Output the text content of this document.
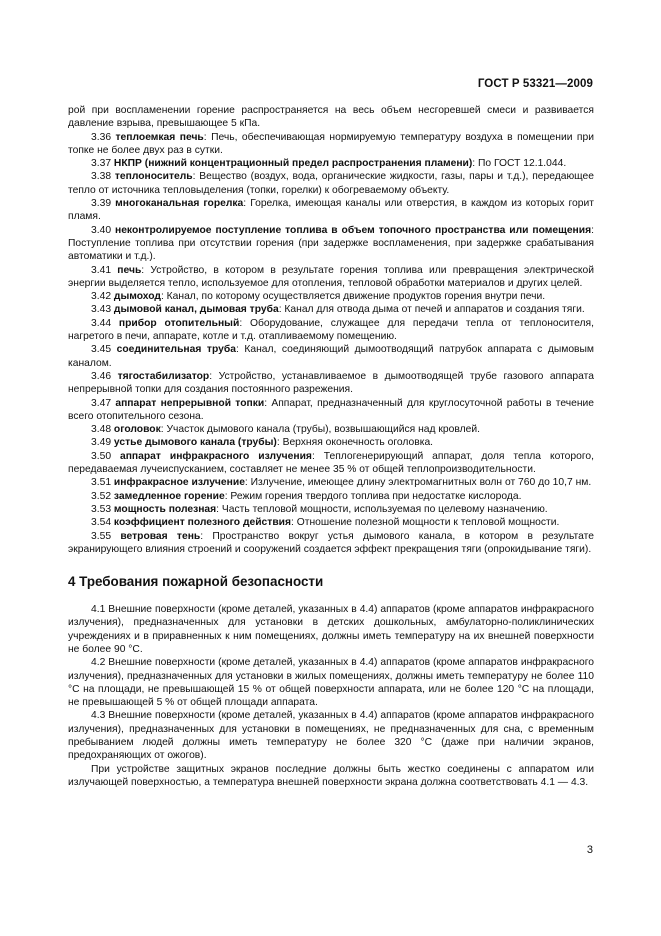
ГОСТ Р 53321—2009

рой при воспламенении горение распространяется на весь объем несгоревшей смеси и развивается давление взрыва, превышающее 5 кПа.

3.36 теплоемкая печь: Печь, обеспечивающая нормируемую температуру воздуха в помещении при топке не более двух раз в сутки.

3.37 НКПР (нижний концентрационный предел распространения пламени): По ГОСТ 12.1.044.

3.38 теплоноситель: Вещество (воздух, вода, органические жидкости, газы, пары и т.д.), передающее тепло от источника тепловыделения (топки, горелки) к обогреваемому объекту.

3.39 многоканальная горелка: Горелка, имеющая каналы или отверстия, в каждом из которых горит пламя.

3.40 неконтролируемое поступление топлива в объем топочного пространства или помещения: Поступление топлива при отсутствии горения (при задержке воспламенения, при задержке срабатывания автоматики и т.д.).

3.41 печь: Устройство, в котором в результате горения топлива или превращения электрической энергии выделяется тепло, используемое для отопления, тепловой обработки материалов и других целей.

3.42 дымоход: Канал, по которому осуществляется движение продуктов горения внутри печи.

3.43 дымовой канал, дымовая труба: Канал для отвода дыма от печей и аппаратов и создания тяги.

3.44 прибор отопительный: Оборудование, служащее для передачи тепла от теплоносителя, нагретого в печи, аппарате, котле и т.д. отапливаемому помещению.

3.45 соединительная труба: Канал, соединяющий дымоотводящий патрубок аппарата с дымовым каналом.

3.46 тягостабилизатор: Устройство, устанавливаемое в дымоотводящей трубе газового аппарата непрерывной топки для создания постоянного разрежения.

3.47 аппарат непрерывной топки: Аппарат, предназначенный для круглосуточной работы в течение всего отопительного сезона.

3.48 оголовок: Участок дымового канала (трубы), возвышающийся над кровлей.

3.49 устье дымового канала (трубы): Верхняя оконечность оголовка.

3.50 аппарат инфракрасного излучения: Теплогенерирующий аппарат, доля тепла которого, передаваемая лучеиспусканием, составляет не менее 35 % от общей теплопроизводительности.

3.51 инфракрасное излучение: Излучение, имеющее длину электромагнитных волн от 760 до 10,7 нм.

3.52 замедленное горение: Режим горения твердого топлива при недостатке кислорода.

3.53 мощность полезная: Часть тепловой мощности, используемая по целевому назначению.

3.54 коэффициент полезного действия: Отношение полезной мощности к тепловой мощности.

3.55 ветровая тень: Пространство вокруг устья дымового канала, в котором в результате экранирующего влияния строений и сооружений создается эффект прекращения тяги (опрокидывание тяги).

4 Требования пожарной безопасности

4.1 Внешние поверхности (кроме деталей, указанных в 4.4) аппаратов (кроме аппаратов инфракрасного излучения), предназначенных для установки в детских дошкольных, амбулаторно-поликлинических учреждениях и в приравненных к ним помещениях, должны иметь температуру на их внешней поверхности не более 90 °С.

4.2 Внешние поверхности (кроме деталей, указанных в 4.4) аппаратов (кроме аппаратов инфракрасного излучения), предназначенных для установки в жилых помещениях, должны иметь температуру не более 110 °С на площади, не превышающей 15 % от общей поверхности аппарата, или не более 120 °С на площади, не превышающей 5 % от общей площади аппарата.

4.3 Внешние поверхности (кроме деталей, указанных в 4.4) аппаратов (кроме аппаратов инфракрасного излучения), предназначенных для установки в помещениях, не предназначенных для сна, с временным пребыванием людей должны иметь температуру не более 320 °С (даже при наличии экранов, предохраняющих от ожогов).

При устройстве защитных экранов последние должны быть жестко соединены с аппаратом или излучающей поверхностью, а температура внешней поверхности экрана должна соответствовать 4.1 — 4.3.

3
